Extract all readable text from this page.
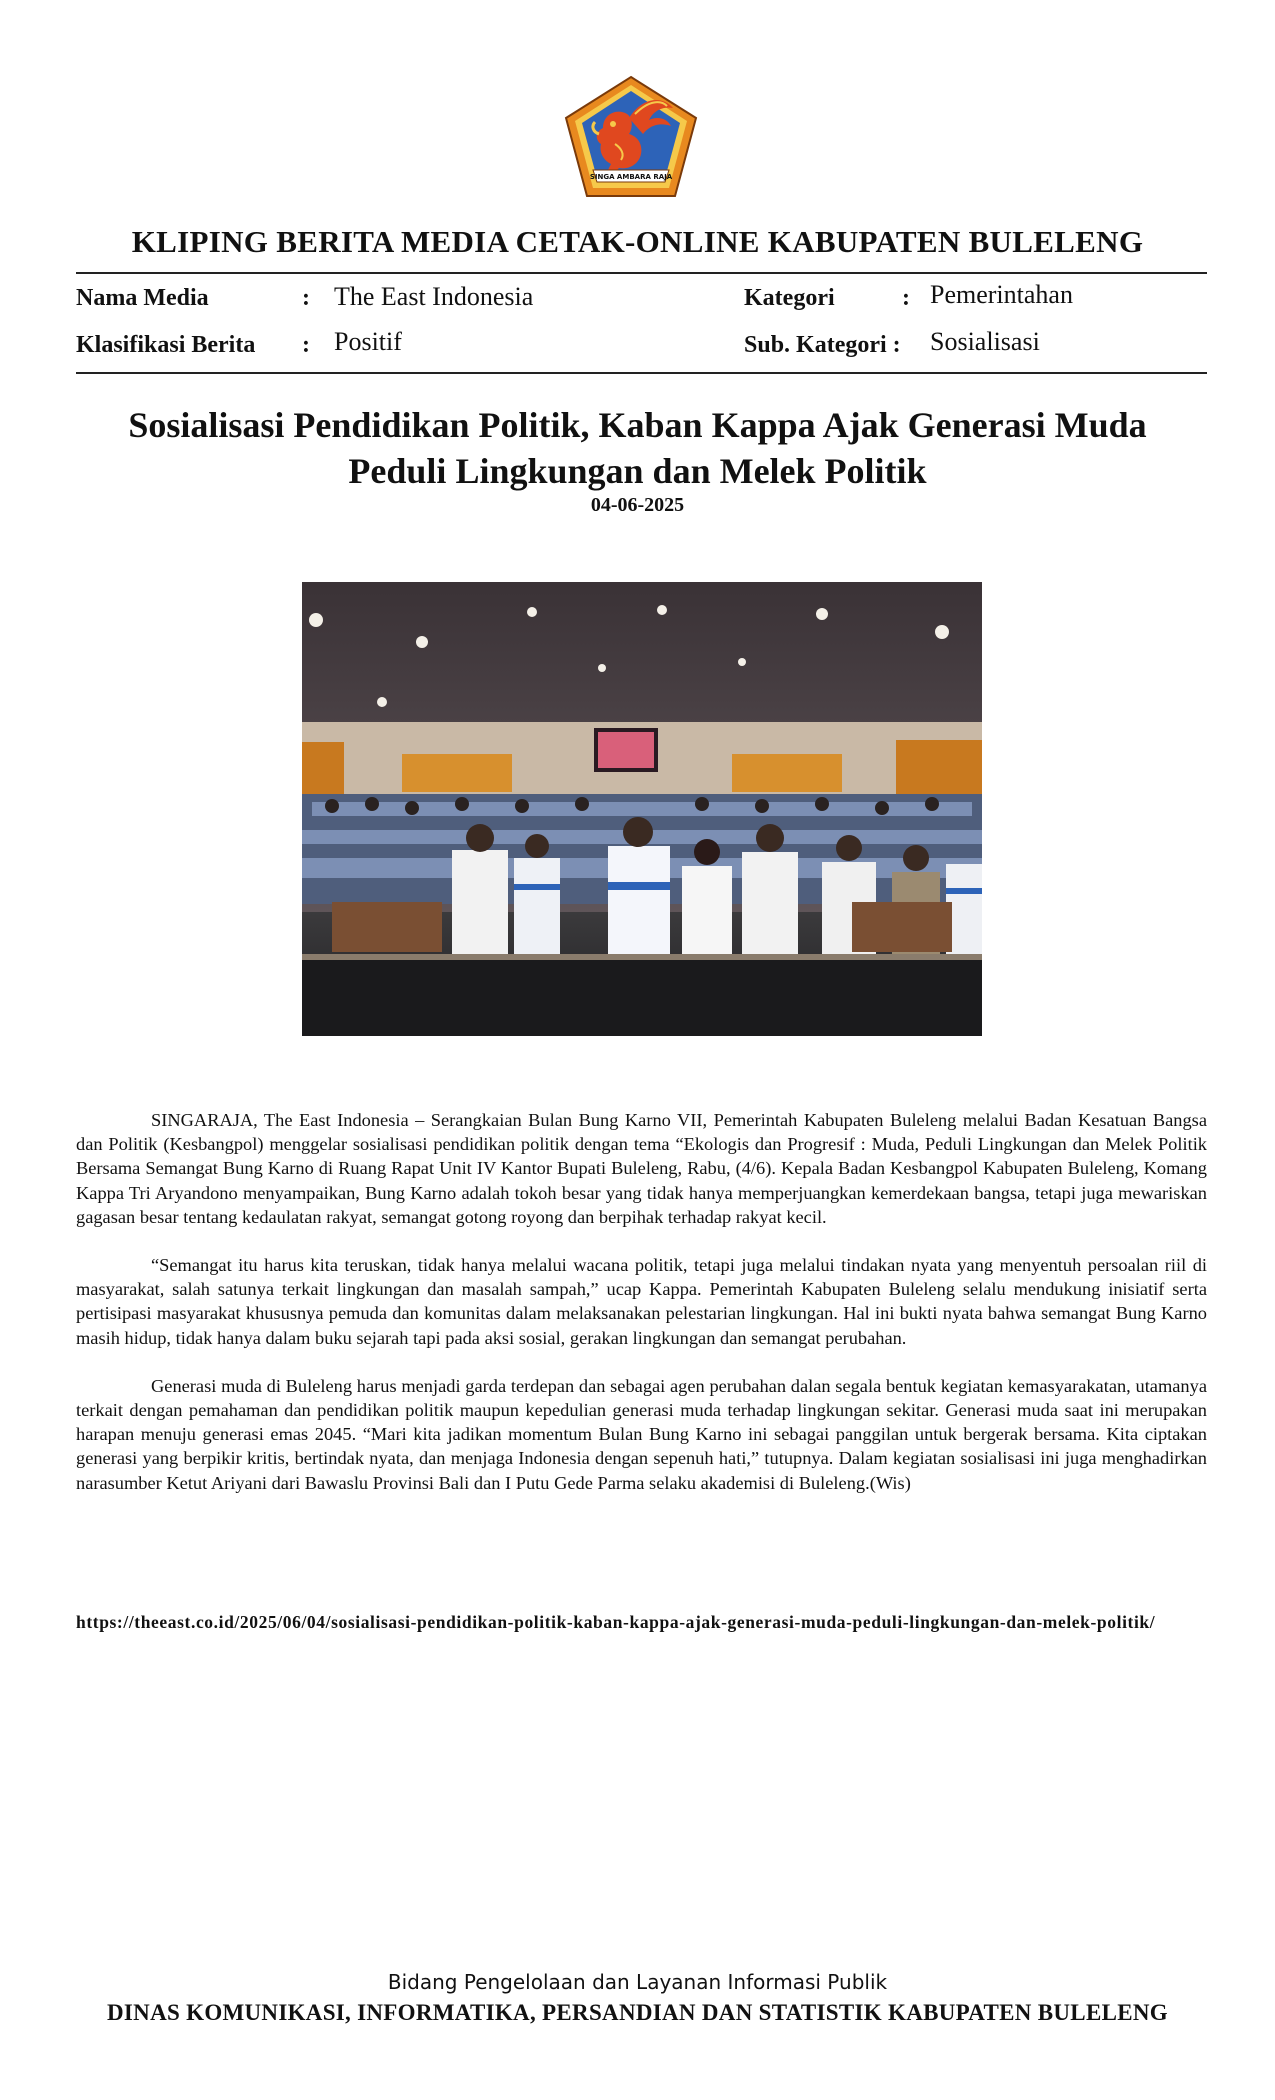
SINGA AMBARA RAJA
KLIPING BERITA MEDIA CETAK-ONLINE KABUPATEN BULELENG
Nama Media	: The East Indonesia	Kategori	: Pemerintahan
Klasifikasi Berita : Positif	Sub. Kategori : Sosialisasi
Sosialisasi Pendidikan Politik, Kaban Kappa Ajak Generasi Muda Peduli Lingkungan dan Melek Politik
04-06-2025

SINGARAJA, The East Indonesia – Serangkaian Bulan Bung Karno VII, Pemerintah Kabupaten Buleleng melalui Badan Kesatuan Bangsa dan Politik (Kesbangpol) menggelar sosialisasi pendidikan politik dengan tema “Ekologis dan Progresif : Muda, Peduli Lingkungan dan Melek Politik Bersama Semangat Bung Karno di Ruang Rapat Unit IV Kantor Bupati Buleleng, Rabu, (4/6). Kepala Badan Kesbangpol Kabupaten Buleleng, Komang Kappa Tri Aryandono menyampaikan, Bung Karno adalah tokoh besar yang tidak hanya memperjuangkan kemerdekaan bangsa, tetapi juga mewariskan gagasan besar tentang kedaulatan rakyat, semangat gotong royong dan berpihak terhadap rakyat kecil.

“Semangat itu harus kita teruskan, tidak hanya melalui wacana politik, tetapi juga melalui tindakan nyata yang menyentuh persoalan riil di masyarakat, salah satunya terkait lingkungan dan masalah sampah,” ucap Kappa. Pemerintah Kabupaten Buleleng selalu mendukung inisiatif serta pertisipasi masyarakat khususnya pemuda dan komunitas dalam melaksanakan pelestarian lingkungan. Hal ini bukti nyata bahwa semangat Bung Karno masih hidup, tidak hanya dalam buku sejarah tapi pada aksi sosial, gerakan lingkungan dan semangat perubahan.

Generasi muda di Buleleng harus menjadi garda terdepan dan sebagai agen perubahan dalan segala bentuk kegiatan kemasyarakatan, utamanya terkait dengan pemahaman dan pendidikan politik maupun kepedulian generasi muda terhadap lingkungan sekitar. Generasi muda saat ini merupakan harapan menuju generasi emas 2045. “Mari kita jadikan momentum Bulan Bung Karno ini sebagai panggilan untuk bergerak bersama. Kita ciptakan generasi yang berpikir kritis, bertindak nyata, dan menjaga Indonesia dengan sepenuh hati,” tutupnya. Dalam kegiatan sosialisasi ini juga menghadirkan narasumber Ketut Ariyani dari Bawaslu Provinsi Bali dan I Putu Gede Parma selaku akademisi di Buleleng.(Wis)

https://theeast.co.id/2025/06/04/sosialisasi-pendidikan-politik-kaban-kappa-ajak-generasi-muda-peduli-lingkungan-dan-melek-politik/
Bidang Pengelolaan dan Layanan Informasi Publik
DINAS KOMUNIKASI, INFORMATIKA, PERSANDIAN DAN STATISTIK KABUPATEN BULELENG
